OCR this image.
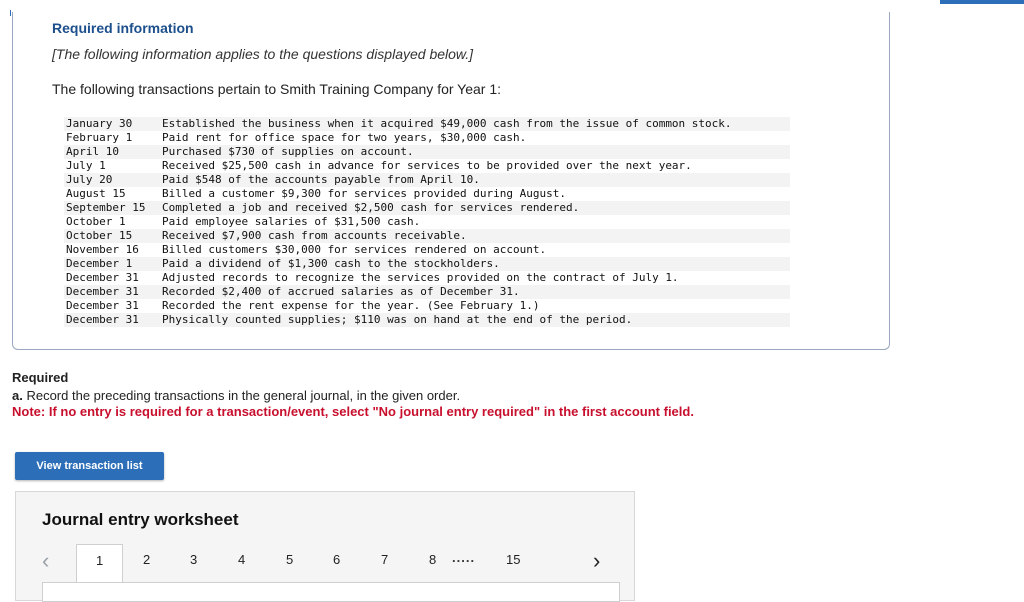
Required information
[The following information applies to the questions displayed below.]
The following transactions pertain to Smith Training Company for Year 1:
January 30	Established the business when it acquired $49,000 cash from the issue of common stock.
February 1	Paid rent for office space for two years, $30,000 cash.
April 10	Purchased $730 of supplies on account.
July 1	Received $25,500 cash in advance for services to be provided over the next year.
July 20	Paid $548 of the accounts payable from April 10.
August 15	Billed a customer $9,300 for services provided during August.
September 15	Completed a job and received $2,500 cash for services rendered.
October 1	Paid employee salaries of $31,500 cash.
October 15	Received $7,900 cash from accounts receivable.
November 16	Billed customers $30,000 for services rendered on account.
December 1	Paid a dividend of $1,300 cash to the stockholders.
December 31	Adjusted records to recognize the services provided on the contract of July 1.
December 31	Recorded $2,400 of accrued salaries as of December 31.
December 31	Recorded the rent expense for the year. (See February 1.)
December 31	Physically counted supplies; $110 was on hand at the end of the period.
Required
a. Record the preceding transactions in the general journal, in the given order.
Note: If no entry is required for a transaction/event, select "No journal entry required" in the first account field.
View transaction list
Journal entry worksheet
‹	1	2	3	4	5	6	7	8 ..... 15	›
